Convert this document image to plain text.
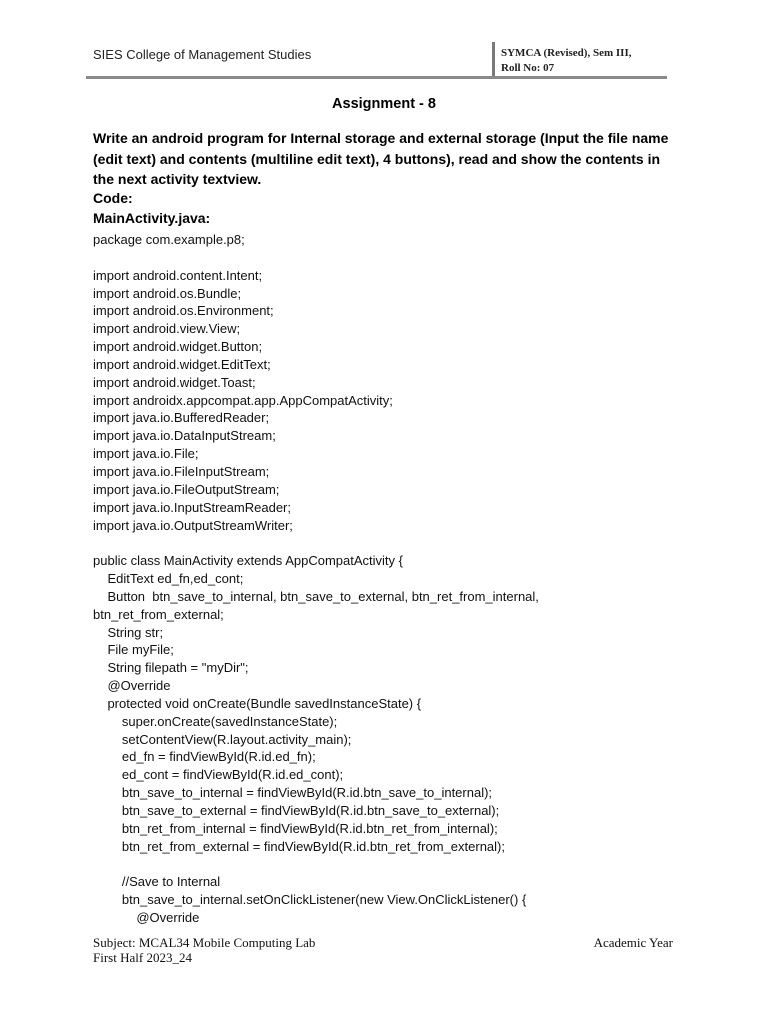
SIES College of Management Studies	SYMCA (Revised), Sem III,
Roll No: 07
Assignment - 8
Write an android program for Internal storage and external storage (Input the file name (edit text) and contents (multiline edit text), 4 buttons), read and show the contents in the next activity textview.
Code:
MainActivity.java:
package com.example.p8;
import android.content.Intent;
import android.os.Bundle;
import android.os.Environment;
import android.view.View;
import android.widget.Button;
import android.widget.EditText;
import android.widget.Toast;
import androidx.appcompat.app.AppCompatActivity;
import java.io.BufferedReader;
import java.io.DataInputStream;
import java.io.File;
import java.io.FileInputStream;
import java.io.FileOutputStream;
import java.io.InputStreamReader;
import java.io.OutputStreamWriter;
public class MainActivity extends AppCompatActivity {
EditText ed_fn,ed_cont;
Button  btn_save_to_internal, btn_save_to_external, btn_ret_from_internal,
btn_ret_from_external;
String str;
File myFile;
String filepath = "myDir";
@Override
protected void onCreate(Bundle savedInstanceState) {
super.onCreate(savedInstanceState);
setContentView(R.layout.activity_main);
ed_fn = findViewById(R.id.ed_fn);
ed_cont = findViewById(R.id.ed_cont);
btn_save_to_internal = findViewById(R.id.btn_save_to_internal);
btn_save_to_external = findViewById(R.id.btn_save_to_external);
btn_ret_from_internal = findViewById(R.id.btn_ret_from_internal);
btn_ret_from_external = findViewById(R.id.btn_ret_from_external);
//Save to Internal
btn_save_to_internal.setOnClickListener(new View.OnClickListener() {
@Override
Subject: MCAL34 Mobile Computing Lab	Academic Year
First Half 2023_24
